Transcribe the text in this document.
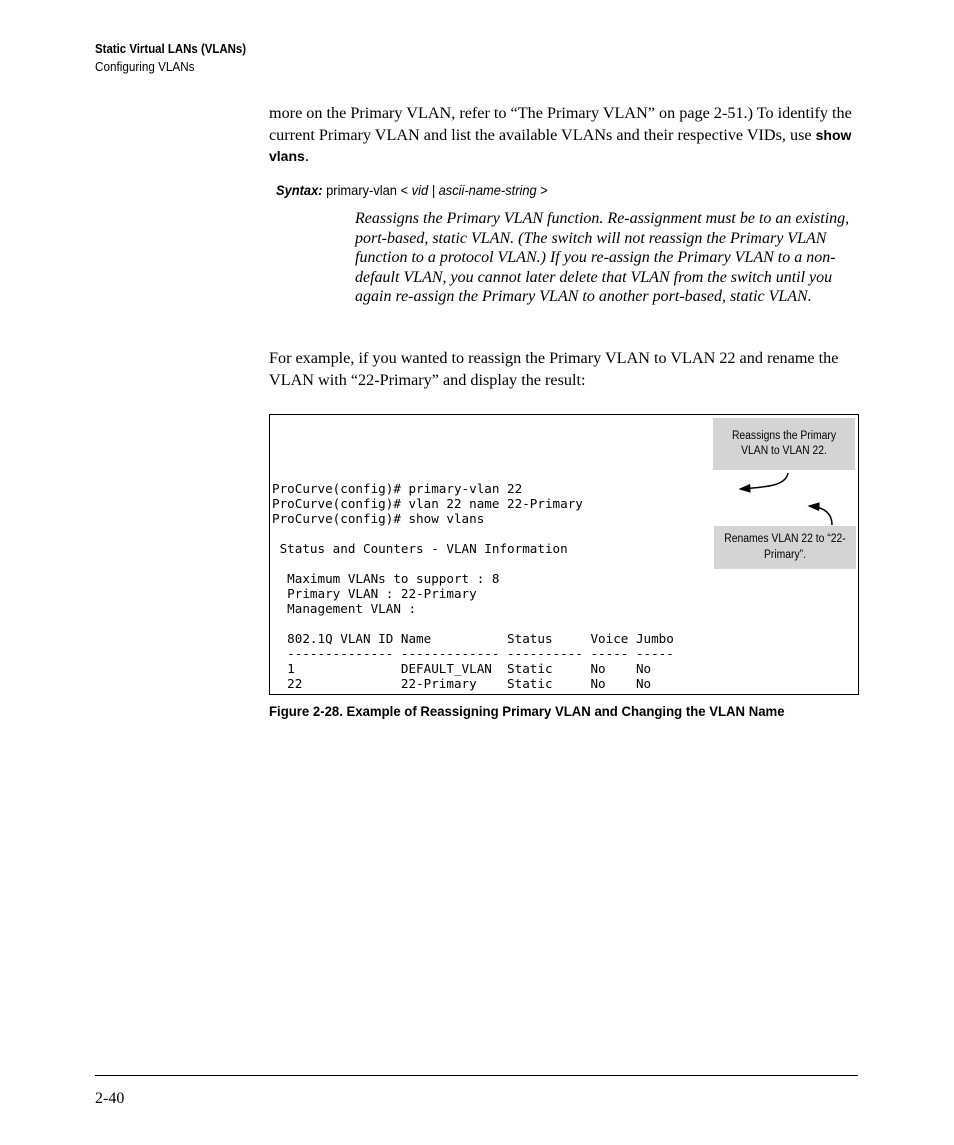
Static Virtual LANs (VLANs)
Configuring VLANs

more on the Primary VLAN, refer to “The Primary VLAN” on page 2-51.) To identify the current Primary VLAN and list the available VLANs and their respective VIDs, use show vlans.

Syntax: primary-vlan < vid | ascii-name-string >

Reassigns the Primary VLAN function. Re-assignment must be to an existing, port-based, static VLAN. (The switch will not reassign the Primary VLAN function to a protocol VLAN.) If you re-assign the Primary VLAN to a non-default VLAN, you cannot later delete that VLAN from the switch until you again re-assign the Primary VLAN to another port-based, static VLAN.

For example, if you wanted to reassign the Primary VLAN to VLAN 22 and rename the VLAN with “22-Primary” and display the result:

ProCurve(config)# primary-vlan 22
ProCurve(config)# vlan 22 name 22-Primary
ProCurve(config)# show vlans

Status and Counters - VLAN Information

Maximum VLANs to support : 8
Primary VLAN : 22-Primary
Management VLAN :

802.1Q VLAN ID Name          Status     Voice Jumbo
-------------- ------------- ---------- ----- -----
1              DEFAULT_VLAN  Static     No    No
22             22-Primary    Static     No    No
Reassigns the Primary VLAN to VLAN 22.
Renames VLAN 22 to “22-Primary”.
Figure 2-28. Example of Reassigning Primary VLAN and Changing the VLAN Name
2-40
